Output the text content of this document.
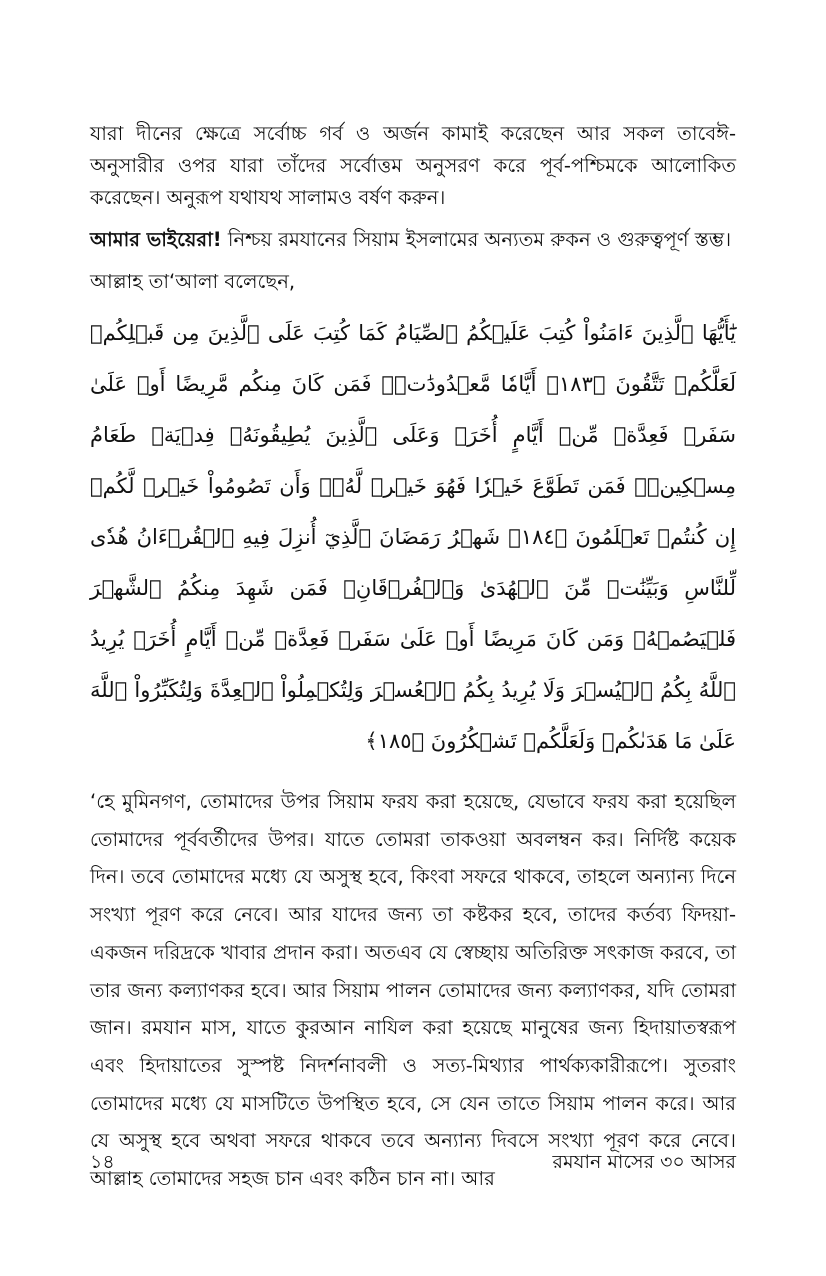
যারা দীনের ক্ষেত্রে সর্বোচ্চ গর্ব ও অর্জন কামাই করেছেন আর সকল তাবেঈ-অনুসারীর ওপর যারা তাঁদের সর্বোত্তম অনুসরণ করে পূর্ব-পশ্চিমকে আলোকিত করেছেন। অনুরূপ যথাযথ সালামও বর্ষণ করুন।

আমার ভাইয়েরা! নিশ্চয় রমযানের সিয়াম ইসলামের অন্যতম রুকন ও গুরুত্বপূর্ণ স্তম্ভ।

আল্লাহ তা‘আলা বলেছেন,

يَٰٓأَيُّهَا ٱلَّذِينَ ءَامَنُواْ كُتِبَ عَلَيۡكُمُ ٱلصِّيَامُ كَمَا كُتِبَ عَلَى ٱلَّذِينَ مِن قَبۡلِكُمۡ لَعَلَّكُمۡ تَتَّقُونَ ﴿١٨٣﴾ أَيَّامٗا مَّعۡدُودَٰتٖۚ فَمَن كَانَ مِنكُم مَّرِيضًا أَوۡ عَلَىٰ سَفَرٖ فَعِدَّةٞ مِّنۡ أَيَّامٍ أُخَرَۚ وَعَلَى ٱلَّذِينَ يُطِيقُونَهُۥ فِدۡيَةٞ طَعَامُ مِسۡكِينٖۖ فَمَن تَطَوَّعَ خَيۡرٗا فَهُوَ خَيۡرٞ لَّهُۥۚ وَأَن تَصُومُواْ خَيۡرٞ لَّكُمۡ إِن كُنتُمۡ تَعۡلَمُونَ ﴿١٨٤﴾ شَهۡرُ رَمَضَانَ ٱلَّذِيٓ أُنزِلَ فِيهِ ٱلۡقُرۡءَانُ هُدٗى لِّلنَّاسِ وَبَيِّنَٰتٖ مِّنَ ٱلۡهُدَىٰ وَٱلۡفُرۡقَانِۚ فَمَن شَهِدَ مِنكُمُ ٱلشَّهۡرَ فَلۡيَصُمۡهُۖ وَمَن كَانَ مَرِيضًا أَوۡ عَلَىٰ سَفَرٖ فَعِدَّةٞ مِّنۡ أَيَّامٍ أُخَرَۗ يُرِيدُ ٱللَّهُ بِكُمُ ٱلۡيُسۡرَ وَلَا يُرِيدُ بِكُمُ ٱلۡعُسۡرَ وَلِتُكۡمِلُواْ ٱلۡعِدَّةَ وَلِتُكَبِّرُواْ ٱللَّهَ عَلَىٰ مَا هَدَىٰكُمۡ وَلَعَلَّكُمۡ تَشۡكُرُونَ ﴿١٨٥﴾

‘হে মুমিনগণ, তোমাদের উপর সিয়াম ফরয করা হয়েছে, যেভাবে ফরয করা হয়েছিল তোমাদের পূর্ববর্তীদের উপর। যাতে তোমরা তাকওয়া অবলম্বন কর। নির্দিষ্ট কয়েক দিন। তবে তোমাদের মধ্যে যে অসুস্থ হবে, কিংবা সফরে থাকবে, তাহলে অন্যান্য দিনে সংখ্যা পূরণ করে নেবে। আর যাদের জন্য তা কষ্টকর হবে, তাদের কর্তব্য ফিদয়া- একজন দরিদ্রকে খাবার প্রদান করা। অতএব যে স্বেচ্ছায় অতিরিক্ত সৎকাজ করবে, তা তার জন্য কল্যাণকর হবে। আর সিয়াম পালন তোমাদের জন্য কল্যাণকর, যদি তোমরা জান। রমযান মাস, যাতে কুরআন নাযিল করা হয়েছে মানুষের জন্য হিদায়াতস্বরূপ এবং হিদায়াতের সুস্পষ্ট নিদর্শনাবলী ও সত্য-মিথ্যার পার্থক্যকারীরূপে। সুতরাং তোমাদের মধ্যে যে মাসটিতে উপস্থিত হবে, সে যেন তাতে সিয়াম পালন করে। আর যে অসুস্থ হবে অথবা সফরে থাকবে তবে অন্যান্য দিবসে সংখ্যা পূরণ করে নেবে। আল্লাহ তোমাদের সহজ চান এবং কঠিন চান না। আর

১৪	রমযান মাসের ৩০ আসর
